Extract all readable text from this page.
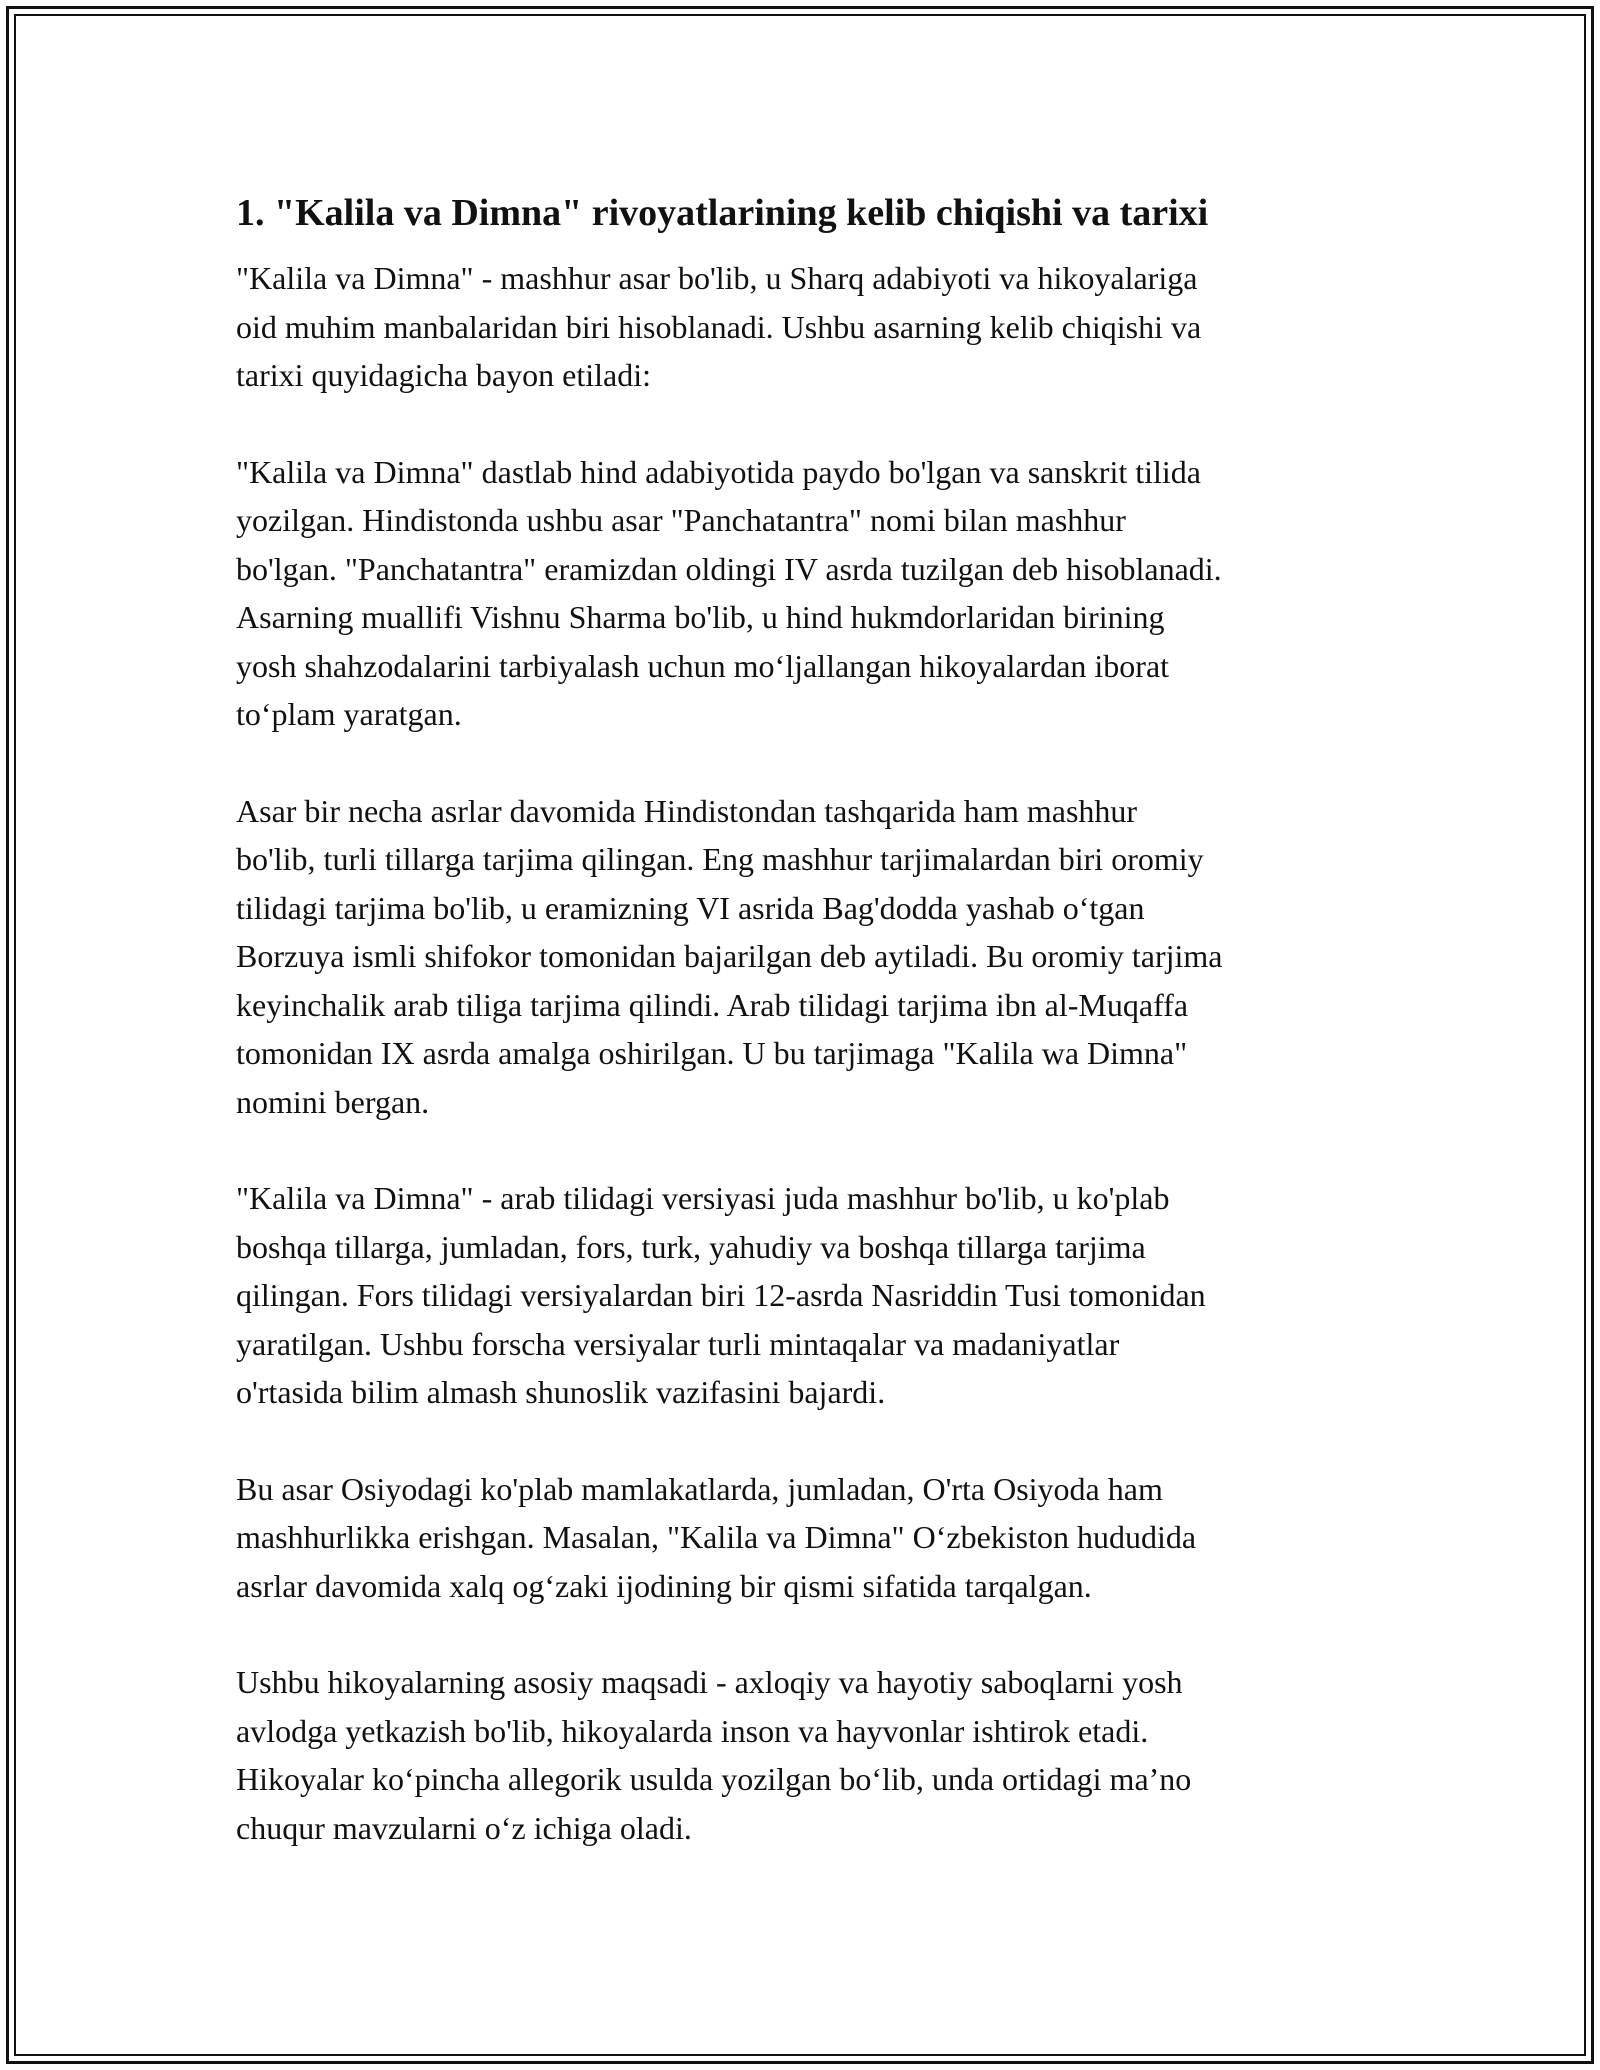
1. "Kalila va Dimna" rivoyatlarining kelib chiqishi va tarixi

"Kalila va Dimna" - mashhur asar bo'lib, u Sharq adabiyoti va hikoyalariga
oid muhim manbalaridan biri hisoblanadi. Ushbu asarning kelib chiqishi va
tarixi quyidagicha bayon etiladi:

"Kalila va Dimna" dastlab hind adabiyotida paydo bo'lgan va sanskrit tilida
yozilgan. Hindistonda ushbu asar "Panchatantra" nomi bilan mashhur
bo'lgan. "Panchatantra" eramizdan oldingi IV asrda tuzilgan deb hisoblanadi.
Asarning muallifi Vishnu Sharma bo'lib, u hind hukmdorlaridan birining
yosh shahzodalarini tarbiyalash uchun mo‘ljallangan hikoyalardan iborat
to‘plam yaratgan.

Asar bir necha asrlar davomida Hindistondan tashqarida ham mashhur
bo'lib, turli tillarga tarjima qilingan. Eng mashhur tarjimalardan biri oromiy
tilidagi tarjima bo'lib, u eramizning VI asrida Bag'dodda yashab o‘tgan
Borzuya ismli shifokor tomonidan bajarilgan deb aytiladi. Bu oromiy tarjima
keyinchalik arab tiliga tarjima qilindi. Arab tilidagi tarjima ibn al-Muqaffa
tomonidan IX asrda amalga oshirilgan. U bu tarjimaga "Kalila wa Dimna"
nomini bergan.

"Kalila va Dimna" - arab tilidagi versiyasi juda mashhur bo'lib, u ko'plab
boshqa tillarga, jumladan, fors, turk, yahudiy va boshqa tillarga tarjima
qilingan. Fors tilidagi versiyalardan biri 12-asrda Nasriddin Tusi tomonidan
yaratilgan. Ushbu forscha versiyalar turli mintaqalar va madaniyatlar
o'rtasida bilim almash shunoslik vazifasini bajardi.

Bu asar Osiyodagi ko'plab mamlakatlarda, jumladan, O'rta Osiyoda ham
mashhurlikka erishgan. Masalan, "Kalila va Dimna" O‘zbekiston hududida
asrlar davomida xalq og‘zaki ijodining bir qismi sifatida tarqalgan.

Ushbu hikoyalarning asosiy maqsadi - axloqiy va hayotiy saboqlarni yosh
avlodga yetkazish bo'lib, hikoyalarda inson va hayvonlar ishtirok etadi.
Hikoyalar ko‘pincha allegorik usulda yozilgan bo‘lib, unda ortidagi ma’no
chuqur mavzularni o‘z ichiga oladi.
